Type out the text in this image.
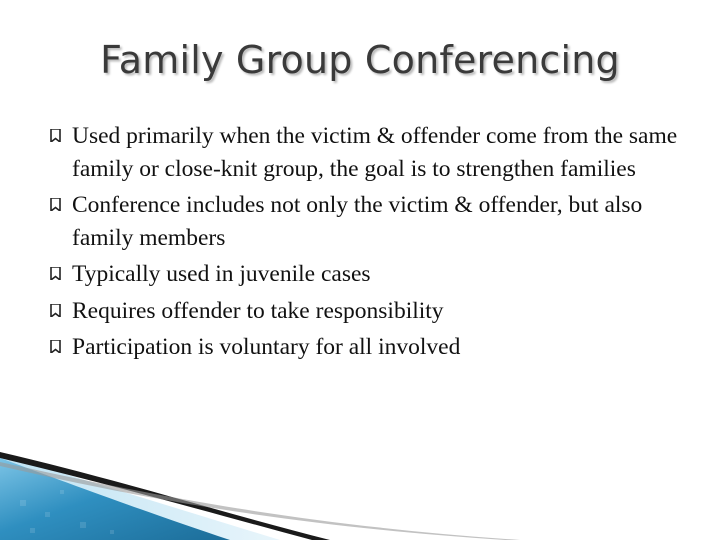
Family Group Conferencing
Used primarily when the victim & offender come from the same family or close-knit group, the goal is to strengthen families
Conference includes not only the victim & offender, but also family members
Typically used in juvenile cases
Requires offender to take responsibility
Participation is voluntary for all involved
